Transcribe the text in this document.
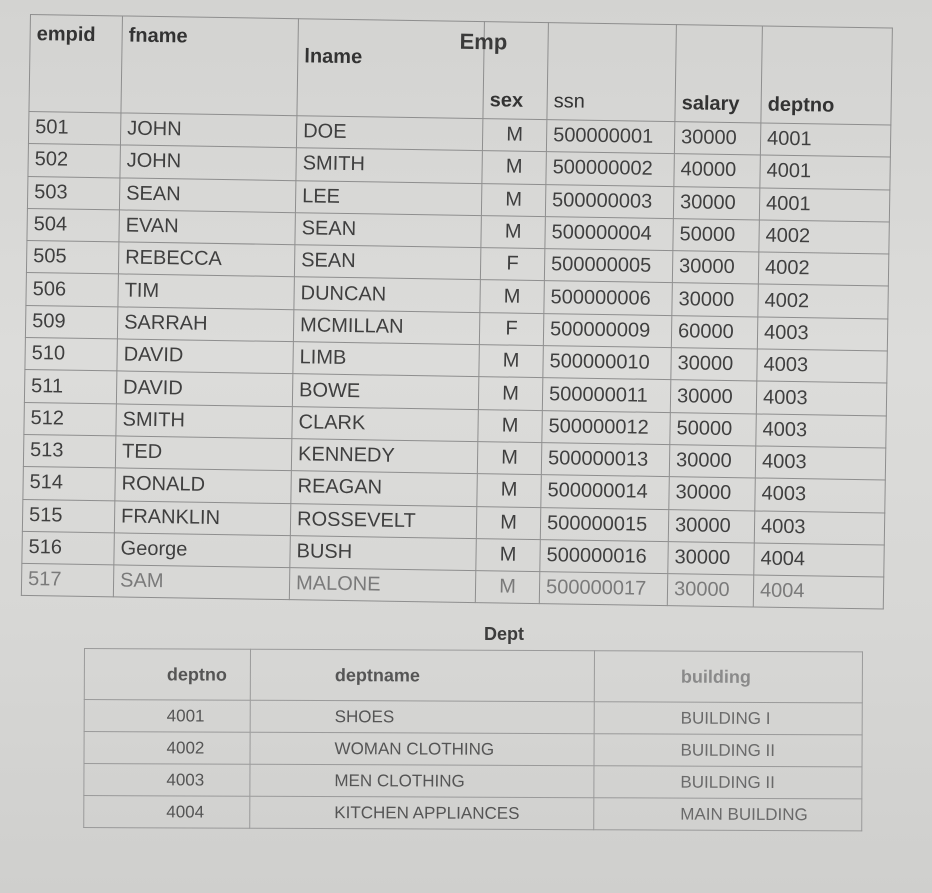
empid	fname	lname	sex	ssn	salary	deptno
501	JOHN	DOE	M	500000001	30000	4001
502	JOHN	SMITH	M	500000002	40000	4001
503	SEAN	LEE	M	500000003	30000	4001
504	EVAN	SEAN	M	500000004	50000	4002
505	REBECCA	SEAN	F	500000005	30000	4002
506	TIM	DUNCAN	M	500000006	30000	4002
509	SARRAH	MCMILLAN	F	500000009	60000	4003
510	DAVID	LIMB	M	500000010	30000	4003
511	DAVID	BOWE	M	500000011	30000	4003
512	SMITH	CLARK	M	500000012	50000	4003
513	TED	KENNEDY	M	500000013	30000	4003
514	RONALD	REAGAN	M	500000014	30000	4003
515	FRANKLIN	ROSSEVELT	M	500000015	30000	4003
516	George	BUSH	M	500000016	30000	4004
517	SAM	MALONE	M	500000017	30000	4004
Emp
Dept
deptno	deptname	building
4001	SHOES	BUILDING I
4002	WOMAN CLOTHING	BUILDING II
4003	MEN CLOTHING	BUILDING II
4004	KITCHEN APPLIANCES	MAIN BUILDING
